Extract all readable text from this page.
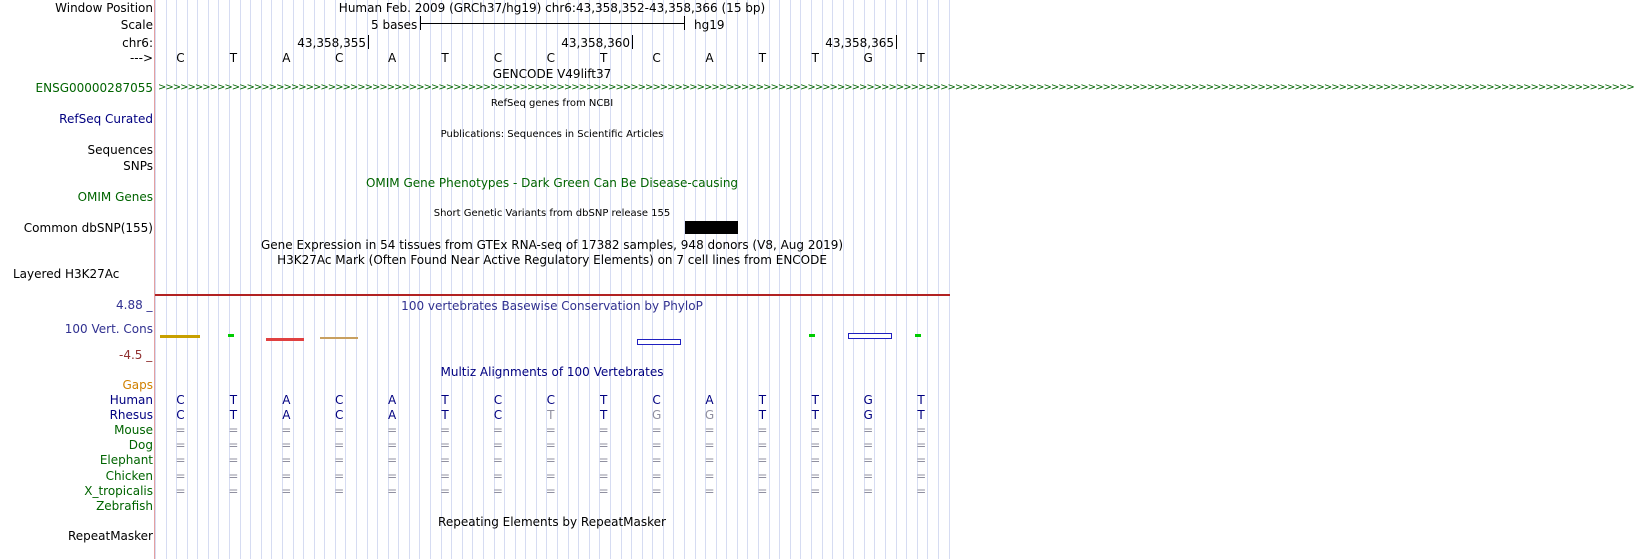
Window Position
Scale
chr6:
--->
Human Feb. 2009 (GRCh37/hg19) chr6:43,358,352-43,358,366 (15 bp)
5 bases	hg19
43,358,355	43,358,360	43,358,365
C	T	A	C	A	T	C	C	T	C	A	T	T	G	T
GENCODE V49lift37
ENSG00000287055 >>>>>>>>>>>>>>>>>>>>>>>>>>>>>>>>>>>>>>>>>>>>>>>>>>>>>>>>>>>>>>>>>>>>>>>>>>>>>>>>>>>>>>>>>>>>>>>>>>>>>>>>>>>>>>>>>>>>>>>>>>>>>>>>>>>>>>>>>>>>>>>>>>>>>>>>>>>>>>>>>>>>>>>>>>>>>>>>>>>>>>>>>>>>>>>>>>>>>>>>
RefSeq genes from NCBI
RefSeq Curated
Publications: Sequences in Scientific Articles
Sequences
SNPs
OMIM Gene Phenotypes - Dark Green Can Be Disease-causing
OMIM Genes
Short Genetic Variants from dbSNP release 155
Common dbSNP(155)
Gene Expression in 54 tissues from GTEx RNA-seq of 17382 samples, 948 donors (V8, Aug 2019)
H3K27Ac Mark (Often Found Near Active Regulatory Elements) on 7 cell lines from ENCODE
Layered H3K27Ac
100 vertebrates Basewise Conservation by PhyloP
4.88 _
100 Vert. Cons
-4.5 _
Multiz Alignments of 100 Vertebrates
Gaps
Human	C	T	A	C	A	T	C	C	T	C	A	T	T	G	T
Rhesus	C	T	A	C	A	T	C	T	T	G	G	T	T	G	T
Mouse	=	=	=	=	=	=	=	=	=	=	=	=	=	=	=
Dog	=	=	=	=	=	=	=	=	=	=	=	=	=	=	=
Elephant	=	=	=	=	=	=	=	=	=	=	=	=	=	=	=
Chicken	=	=	=	=	=	=	=	=	=	=	=	=	=	=	=
X_tropicalis	=	=	=	=	=	=	=	=	=	=	=	=	=	=	=
Zebrafish
Repeating Elements by RepeatMasker
RepeatMasker
